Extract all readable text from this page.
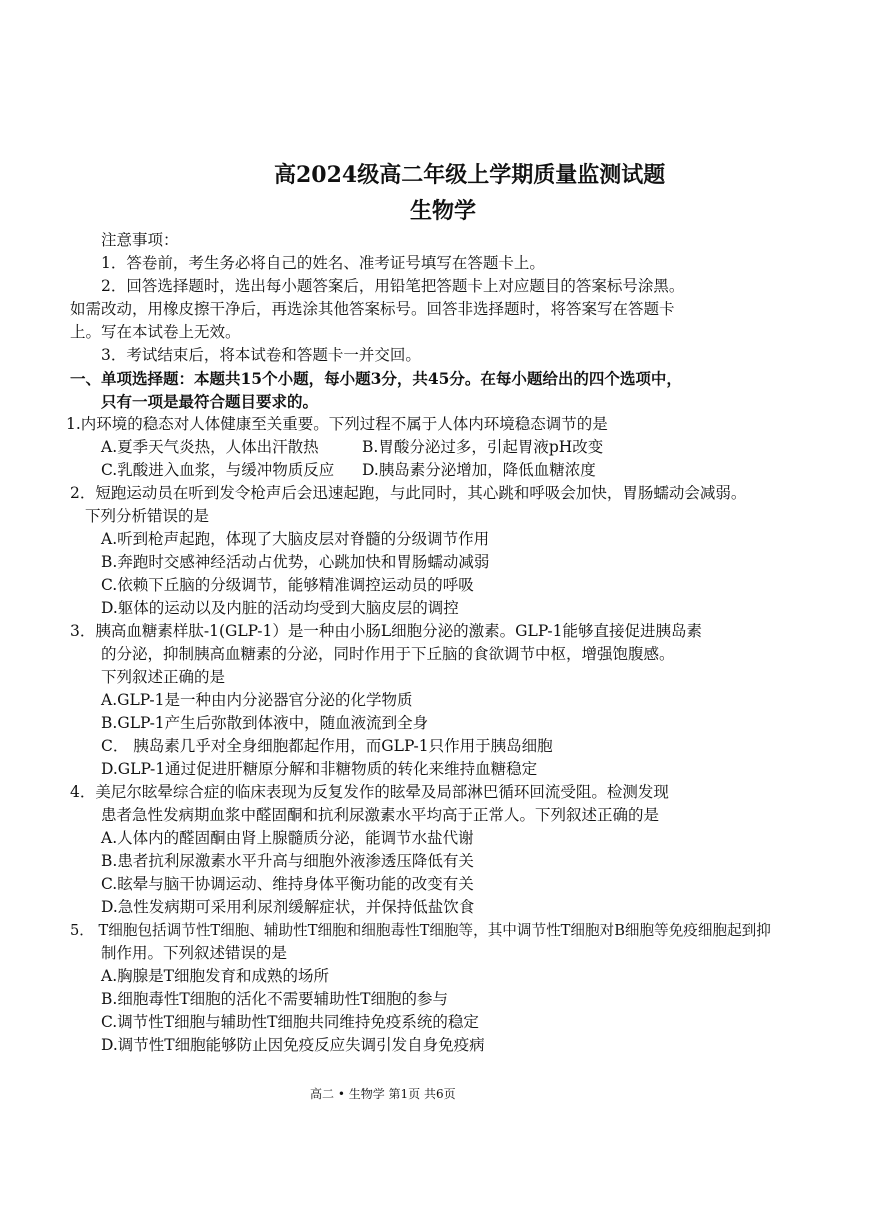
高2024级高二年级上学期质量监测试题
生物学
注意事项：
1．答卷前，考生务必将自己的姓名、准考证号填写在答题卡上。
2．回答选择题时，选出每小题答案后，用铅笔把答题卡上对应题目的答案标号涂黑。
如需改动，用橡皮擦干净后，再选涂其他答案标号。回答非选择题时，将答案写在答题卡
上。写在本试卷上无效。
3．考试结束后，将本试卷和答题卡一并交回。
一、单项选择题：本题共15个小题，每小题3分，共45分。在每小题给出的四个选项中，
只有一项是最符合题目要求的。
1.内环境的稳态对人体健康至关重要。下列过程不属于人体内环境稳态调节的是
A.夏季天气炎热，人体出汗散热	B.胃酸分泌过多，引起胃液pH改变
C.乳酸进入血浆，与缓冲物质反应 D.胰岛素分泌增加，降低血糖浓度
2．短跑运动员在听到发令枪声后会迅速起跑，与此同时，其心跳和呼吸会加快，胃肠蠕动会减弱。
下列分析错误的是
A.听到枪声起跑，体现了大脑皮层对脊髓的分级调节作用
B.奔跑时交感神经活动占优势，心跳加快和胃肠蠕动减弱
C.依赖下丘脑的分级调节，能够精准调控运动员的呼吸
D.躯体的运动以及内脏的活动均受到大脑皮层的调控
3．胰高血糖素样肽-1(GLP-1）是一种由小肠L细胞分泌的激素。GLP-1能够直接促进胰岛素
的分泌，抑制胰高血糖素的分泌，同时作用于下丘脑的食欲调节中枢，增强饱腹感。
下列叙述正确的是
A.GLP-1是一种由内分泌器官分泌的化学物质
B.GLP-1产生后弥散到体液中，随血液流到全身
C． 胰岛素几乎对全身细胞都起作用，而GLP-1只作用于胰岛细胞
D.GLP-1通过促进肝糖原分解和非糖物质的转化来维持血糖稳定
4．美尼尔眩晕综合症的临床表现为反复发作的眩晕及局部淋巴循环回流受阻。检测发现
患者急性发病期血浆中醛固酮和抗利尿激素水平均高于正常人。下列叙述正确的是
A.人体内的醛固酮由肾上腺髓质分泌，能调节水盐代谢
B.患者抗利尿激素水平升高与细胞外液渗透压降低有关
C.眩晕与脑干协调运动、维持身体平衡功能的改变有关
D.急性发病期可采用利尿剂缓解症状，并保持低盐饮食
5． T细胞包括调节性T细胞、辅助性T细胞和细胞毒性T细胞等，其中调节性T细胞对B细胞等免疫细胞起到抑
制作用。下列叙述错误的是
A.胸腺是T细胞发育和成熟的场所
B.细胞毒性T细胞的活化不需要辅助性T细胞的参与
C.调节性T细胞与辅助性T细胞共同维持免疫系统的稳定
D.调节性T细胞能够防止因免疫反应失调引发自身免疫病
高二 • 生物学 第1页 共6页
